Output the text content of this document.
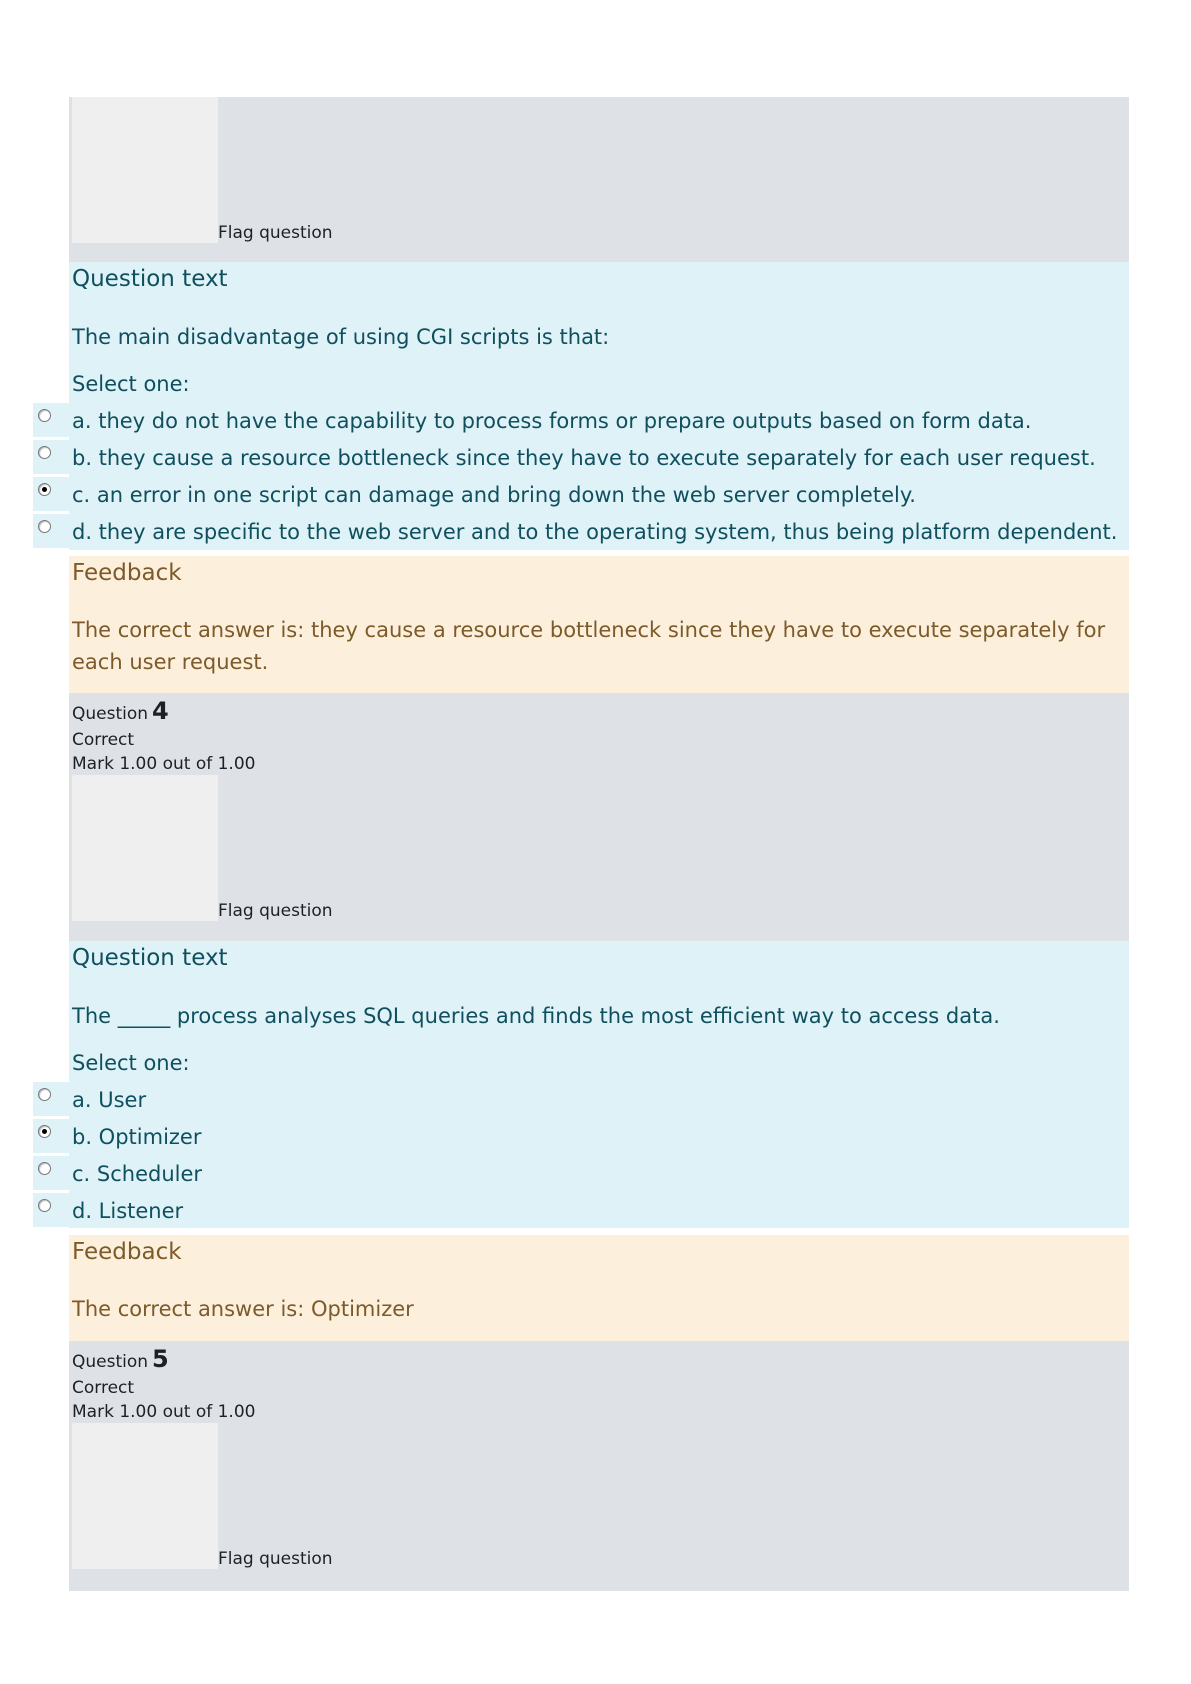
Flag question
Question text
The main disadvantage of using CGI scripts is that:
Select one:
a. they do not have the capability to process forms or prepare outputs based on form data.
b. they cause a resource bottleneck since they have to execute separately for each user request.
c. an error in one script can damage and bring down the web server completely.
d. they are specific to the web server and to the operating system, thus being platform dependent.
Feedback
The correct answer is: they cause a resource bottleneck since they have to execute separately for each user request.
Question 4
Correct
Mark 1.00 out of 1.00
Flag question
Question text
The _____ process analyses SQL queries and finds the most efficient way to access data.
Select one:
a. User
b. Optimizer
c. Scheduler
d. Listener
Feedback
The correct answer is: Optimizer
Question 5
Correct
Mark 1.00 out of 1.00
Flag question
